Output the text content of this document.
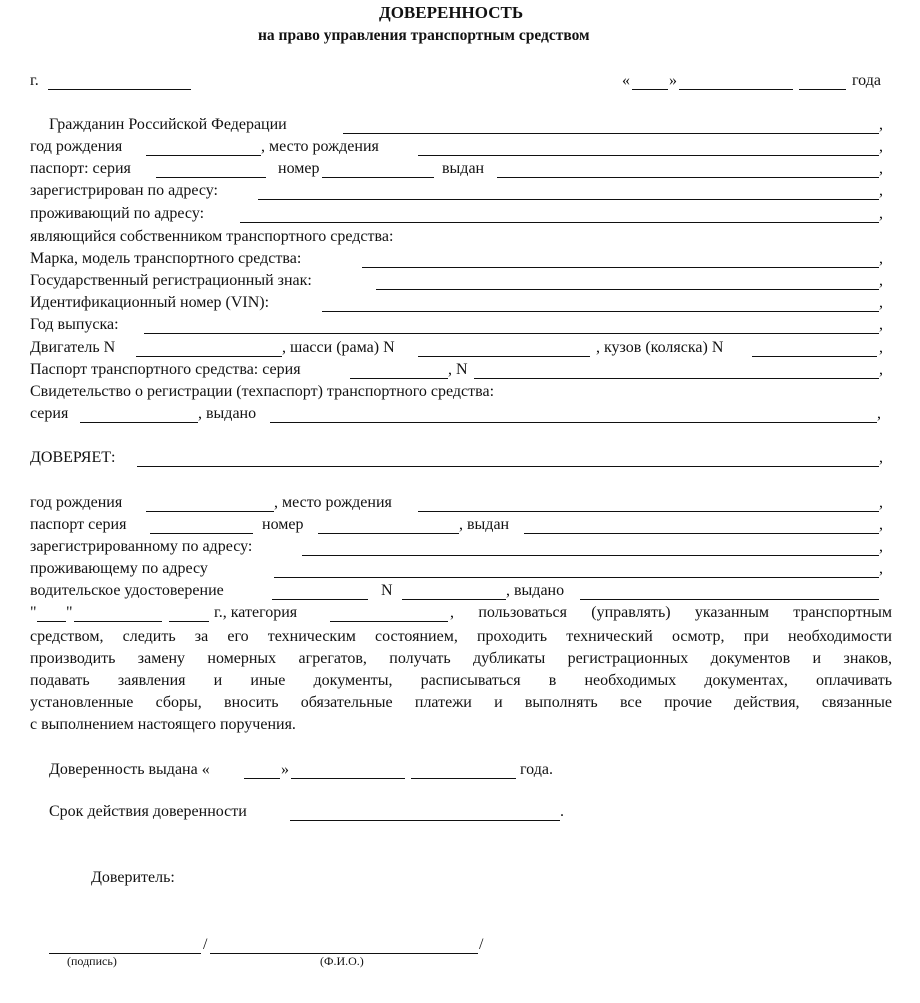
ДОВЕРЕННОСТЬ
на право управления транспортным средством
г.	« »	года
Гражданин Российской Федерации	,
год рождения	, место рождения	,
паспорт: серия	номер	выдан	,
зарегистрирован по адресу:	,
проживающий по адресу:	,
являющийся собственником транспортного средства:
Марка, модель транспортного средства:	,
Государственный регистрационный знак:	,
Идентификационный номер (VIN):	,
Год выпуска:	,
Двигатель N	, шасси (рама) N	, кузов (коляска) N	,
Паспорт транспортного средства: серия	, N	,
Свидетельство о регистрации (техпаспорт) транспортного средства:
серия	, выдано	,
ДОВЕРЯЕТ:	,
год рождения	, место рождения	,
паспорт серия	номер	, выдан	,
зарегистрированному по адресу:	,
проживающему по адресу	,
водительское удостоверение	N	, выдано
" "	г., категория	, пользоваться (управлять) указанным транспортным
средством, следить за его техническим состоянием, проходить технический осмотр, при необходимости
производить замену номерных агрегатов, получать дубликаты регистрационных документов и знаков,
подавать заявления и иные документы, расписываться в необходимых документах, оплачивать
установленные сборы, вносить обязательные платежи и выполнять все прочие действия, связанные
с выполнением настоящего поручения.
Доверенность выдана «	»	года.
Срок действия доверенности	.
Доверитель:
/	/
(подпись)	(Ф.И.О.)
